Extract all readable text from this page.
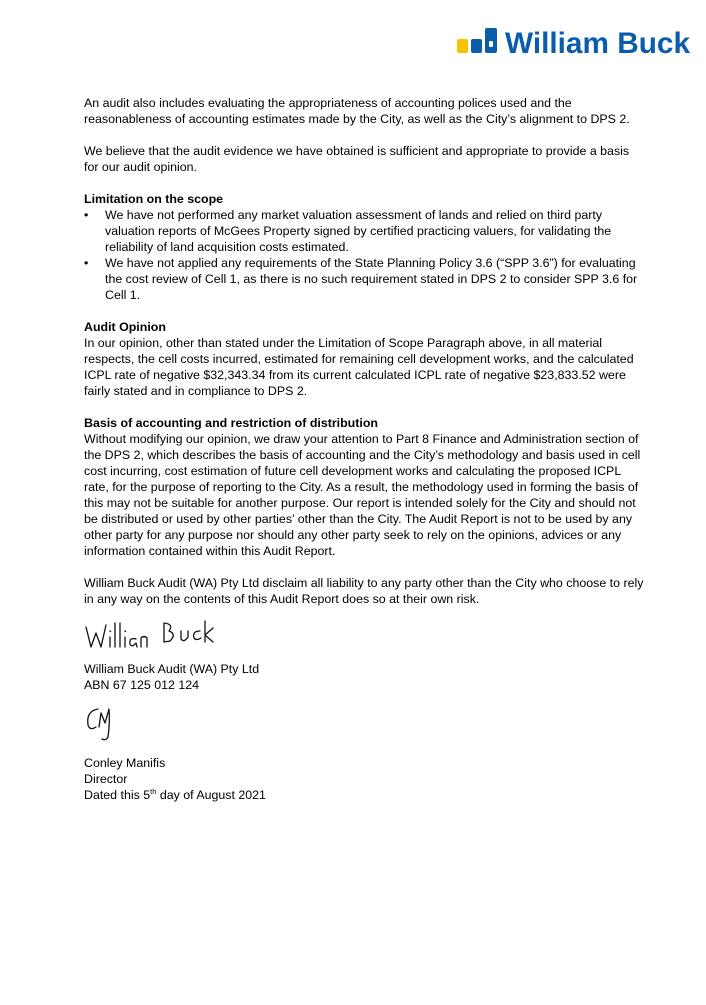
William Buck

An audit also includes evaluating the appropriateness of accounting polices used and the reasonableness of accounting estimates made by the City, as well as the City’s alignment to DPS 2.

We believe that the audit evidence we have obtained is sufficient and appropriate to provide a basis for our audit opinion.

Limitation on the scope

• We have not performed any market valuation assessment of lands and relied on third party valuation reports of McGees Property signed by certified practicing valuers, for validating the reliability of land acquisition costs estimated.
• We have not applied any requirements of the State Planning Policy 3.6 (“SPP 3.6”) for evaluating the cost review of Cell 1, as there is no such requirement stated in DPS 2 to consider SPP 3.6 for Cell 1.

Audit Opinion

In our opinion, other than stated under the Limitation of Scope Paragraph above, in all material respects, the cell costs incurred, estimated for remaining cell development works, and the calculated ICPL rate of negative $32,343.34 from its current calculated ICPL rate of negative $23,833.52 were fairly stated and in compliance to DPS 2.

Basis of accounting and restriction of distribution

Without modifying our opinion, we draw your attention to Part 8 Finance and Administration section of the DPS 2, which describes the basis of accounting and the City’s methodology and basis used in cell cost incurring, cost estimation of future cell development works and calculating the proposed ICPL rate, for the purpose of reporting to the City. As a result, the methodology used in forming the basis of this may not be suitable for another purpose. Our report is intended solely for the City and should not be distributed or used by other parties’ other than the City. The Audit Report is not to be used by any other party for any purpose nor should any other party seek to rely on the opinions, advices or any information contained within this Audit Report.

William Buck Audit (WA) Pty Ltd disclaim all liability to any party other than the City who choose to rely in any way on the contents of this Audit Report does so at their own risk.

William Buck Audit (WA) Pty Ltd

ABN 67 125 012 124

Conley Manifis

Director

Dated this 5th day of August 2021
